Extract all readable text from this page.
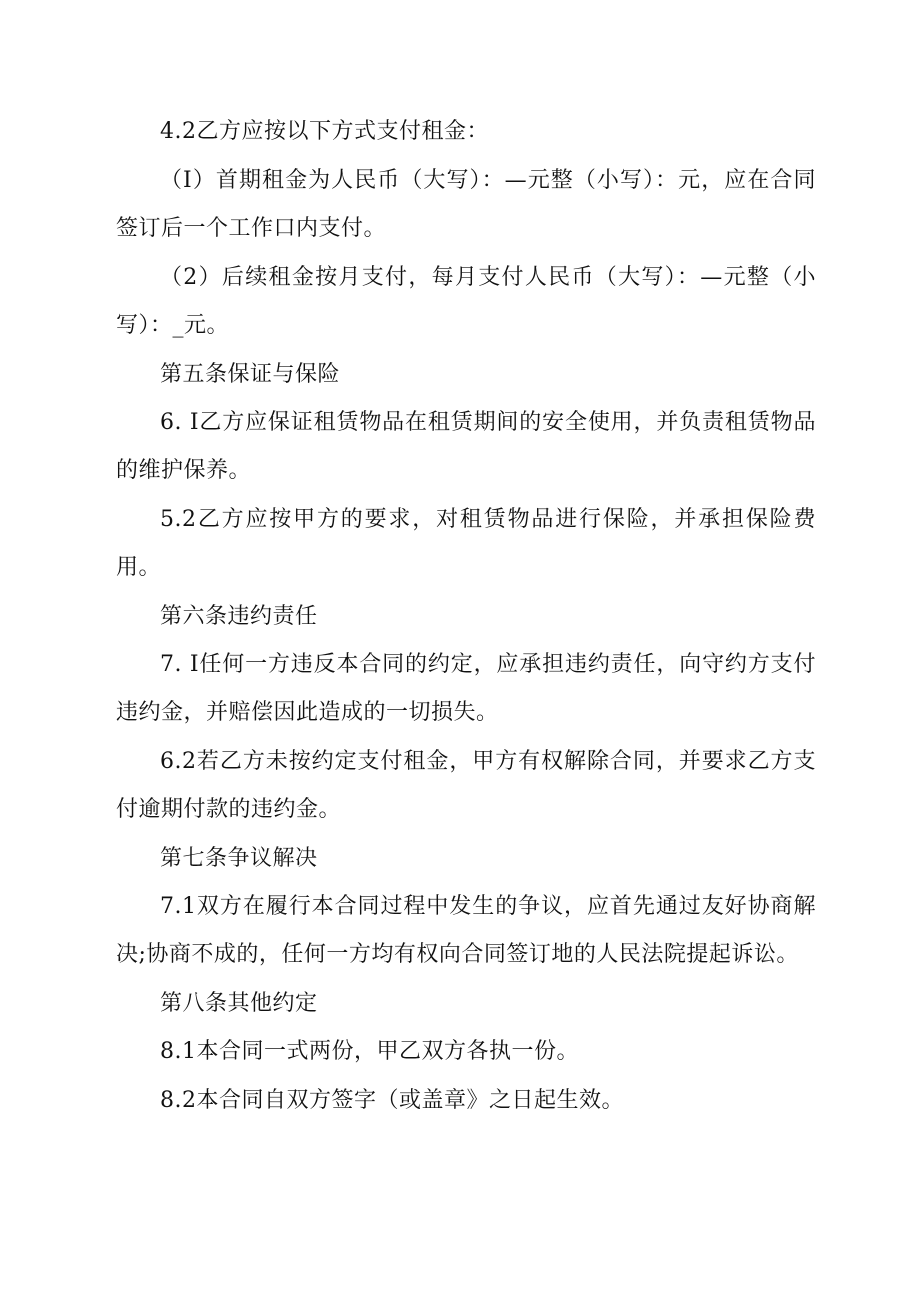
4.2乙方应按以下方式支付租金：

（I）首期租金为人民币（大写）：—元整（小写）：元，应在合同签订后一个工作口内支付。

（2）后续租金按月支付，每月支付人民币（大写）：—元整（小写）：_元。

第五条保证与保险

6. I乙方应保证租赁物品在租赁期间的安全使用，并负责租赁物品的维护保养。

5.2乙方应按甲方的要求，对租赁物品进行保险，并承担保险费用。

第六条违约责任

7. I任何一方违反本合同的约定，应承担违约责任，向守约方支付违约金，并赔偿因此造成的一切损失。

6.2若乙方未按约定支付租金，甲方有权解除合同，并要求乙方支付逾期付款的违约金。

第七条争议解决

7.1双方在履行本合同过程中发生的争议，应首先通过友好协商解决;协商不成的，任何一方均有权向合同签订地的人民法院提起诉讼。

第八条其他约定

8.1本合同一式两份，甲乙双方各执一份。

8.2本合同自双方签字（或盖章》之日起生效。
